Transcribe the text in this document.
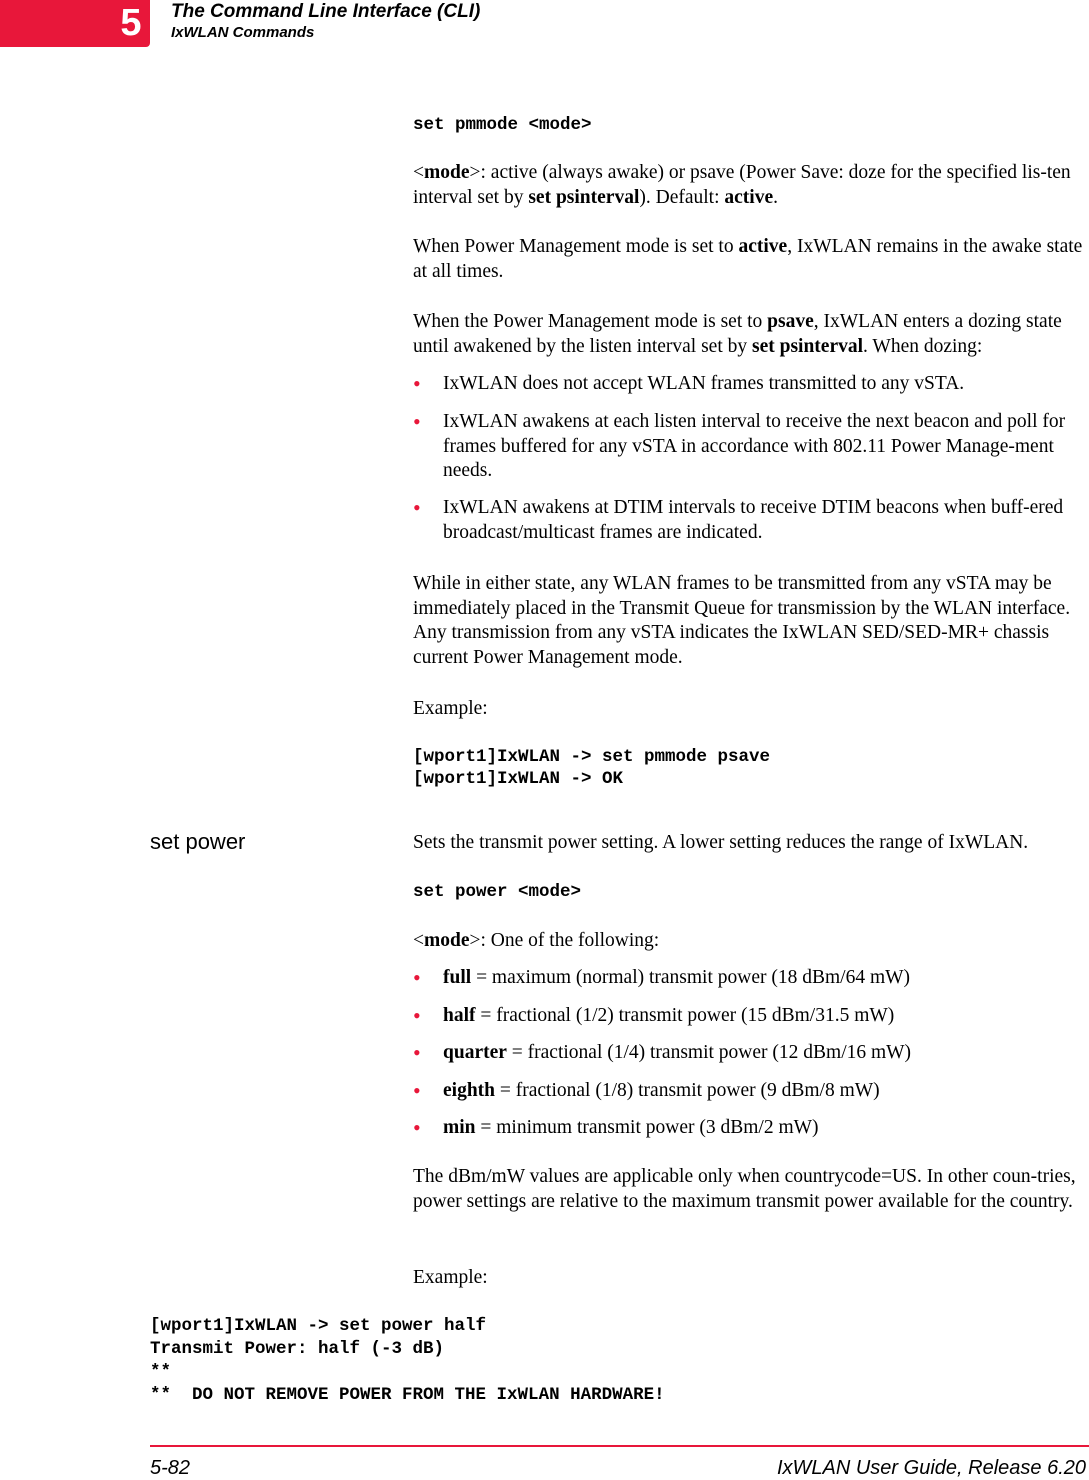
5 The Command Line Interface (CLI)
IxWLAN Commands
set pmmode <mode>
<mode>: active (always awake) or psave (Power Save: doze for the specified lis-ten interval set by set psinterval). Default: active.
When Power Management mode is set to active, IxWLAN remains in the awake state at all times.
When the Power Management mode is set to psave, IxWLAN enters a dozing state until awakened by the listen interval set by set psinterval. When dozing:
• IxWLAN does not accept WLAN frames transmitted to any vSTA.
• IxWLAN awakens at each listen interval to receive the next beacon and poll for frames buffered for any vSTA in accordance with 802.11 Power Manage-ment needs.
• IxWLAN awakens at DTIM intervals to receive DTIM beacons when buff-ered broadcast/multicast frames are indicated.
While in either state, any WLAN frames to be transmitted from any vSTA may be immediately placed in the Transmit Queue for transmission by the WLAN interface. Any transmission from any vSTA indicates the IxWLAN SED/SED-MR+ chassis current Power Management mode.
Example:
[wport1]IxWLAN -> set pmmode psave
[wport1]IxWLAN -> OK
set power	Sets the transmit power setting. A lower setting reduces the range of IxWLAN.
set power <mode>
<mode>: One of the following:
• full = maximum (normal) transmit power (18 dBm/64 mW)
• half = fractional (1/2) transmit power (15 dBm/31.5 mW)
• quarter = fractional (1/4) transmit power (12 dBm/16 mW)
• eighth = fractional (1/8) transmit power (9 dBm/8 mW)
• min = minimum transmit power (3 dBm/2 mW)
The dBm/mW values are applicable only when countrycode=US. In other coun-tries, power settings are relative to the maximum transmit power available for the country.
Example:
[wport1]IxWLAN -> set power half
Transmit Power: half (-3 dB)
**
**  DO NOT REMOVE POWER FROM THE IxWLAN HARDWARE!
5-82	IxWLAN User Guide, Release 6.20
